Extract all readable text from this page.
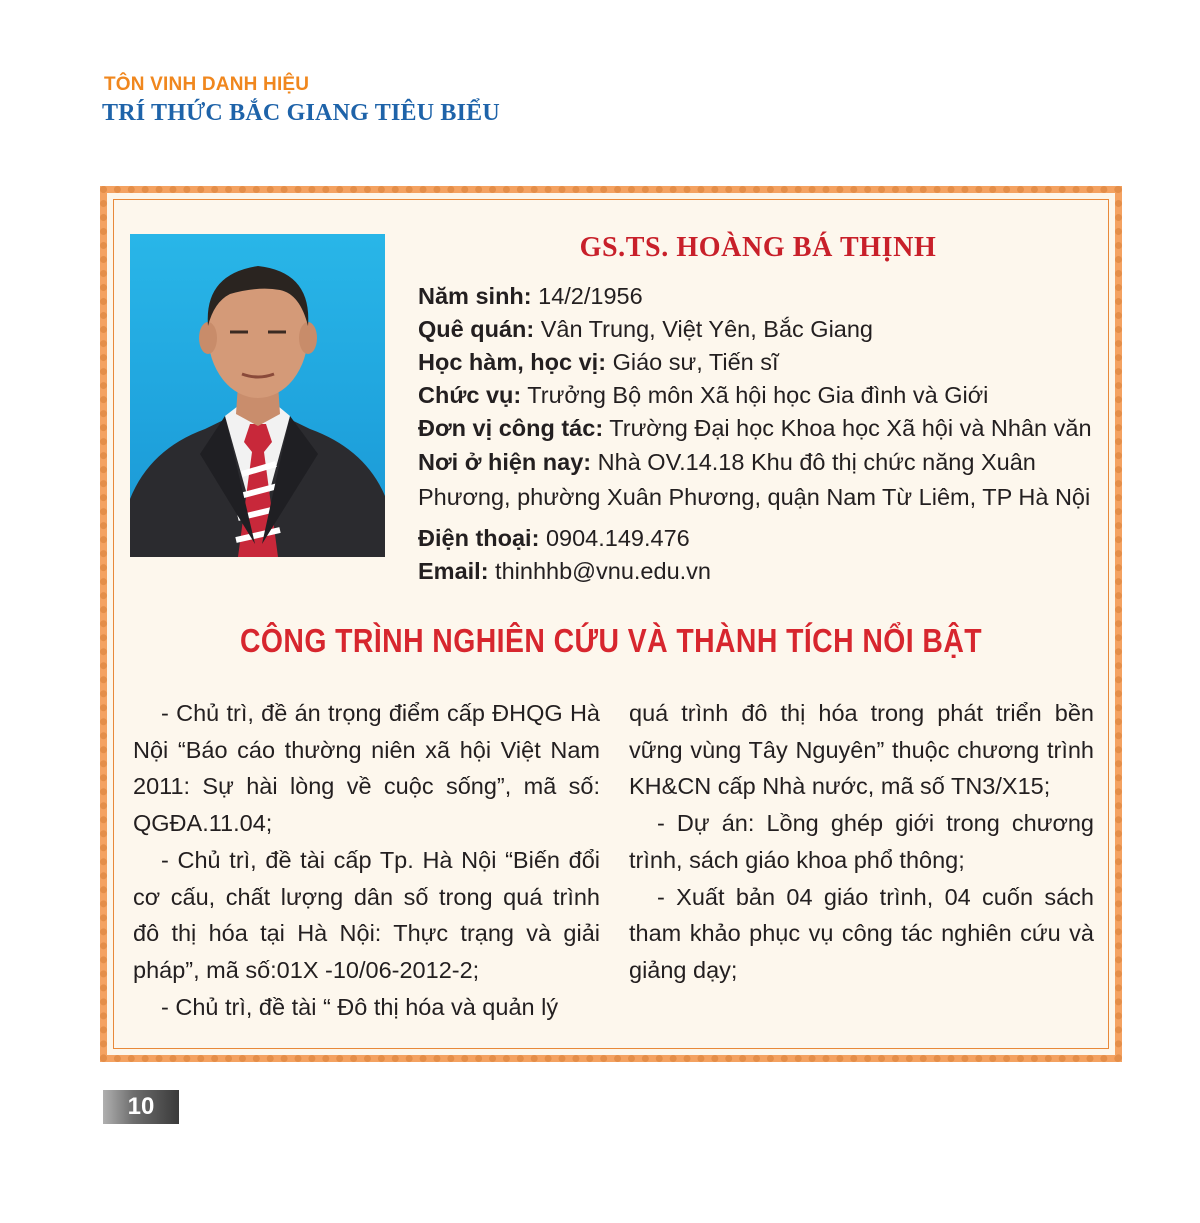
TÔN VINH DANH HIỆU
TRÍ THỨC BẮC GIANG TIÊU BIỂU
GS.TS. HOÀNG BÁ THỊNH
Năm sinh: 14/2/1956
Quê quán: Vân Trung, Việt Yên, Bắc Giang
Học hàm, học vị: Giáo sư, Tiến sĩ
Chức vụ: Trưởng Bộ môn Xã hội học Gia đình và Giới
Đơn vị công tác: Trường Đại học Khoa học Xã hội và Nhân văn
Nơi ở hiện nay: Nhà OV.14.18 Khu đô thị chức năng Xuân
Phương, phường Xuân Phương, quận Nam Từ Liêm, TP Hà Nội
Điện thoại: 0904.149.476
Email: thinhhb@vnu.edu.vn
CÔNG TRÌNH NGHIÊN CỨU VÀ THÀNH TÍCH NỔI BẬT

- Chủ trì, đề án trọng điểm cấp ĐHQG Hà Nội “Báo cáo thường niên xã hội Việt Nam 2011: Sự hài lòng về cuộc sống”, mã số: QGĐA.11.04;

- Chủ trì, đề tài cấp Tp. Hà Nội “Biến đổi cơ cấu, chất lượng dân số trong quá trình đô thị hóa tại Hà Nội: Thực trạng và giải pháp”, mã số:01X -10/06-2012-2;

- Chủ trì, đề tài “ Đô thị hóa và quản lý

quá trình đô thị hóa trong phát triển bền vững vùng Tây Nguyên” thuộc chương trình KH&CN cấp Nhà nước, mã số TN3/X15;

- Dự án: Lồng ghép giới trong chương trình, sách giáo khoa phổ thông;

- Xuất bản 04 giáo trình, 04 cuốn sách tham khảo phục vụ công tác nghiên cứu và giảng dạy;

10
